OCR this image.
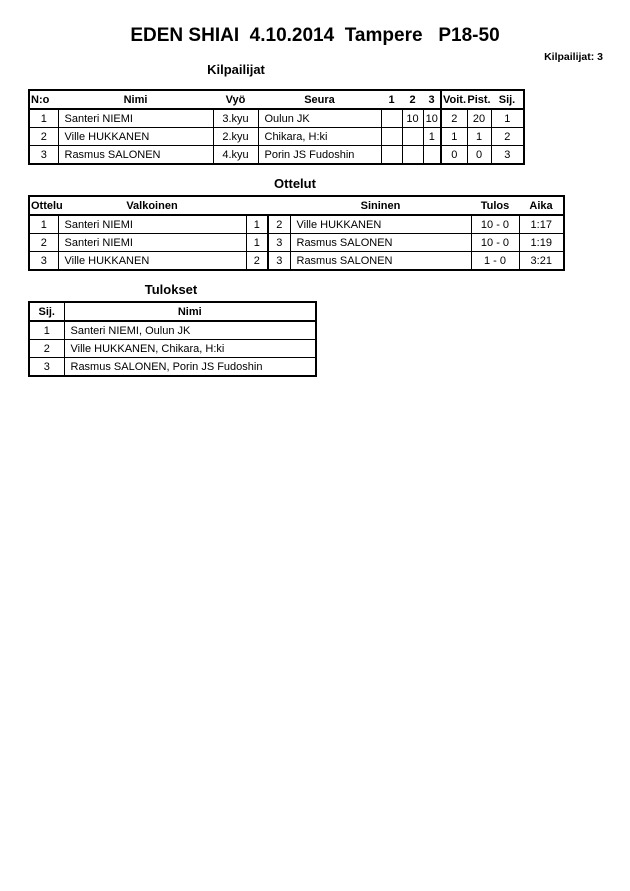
EDEN SHIAI  4.10.2014  Tampere   P18-50
Kilpailijat: 3
Kilpailijat
N:o	Nimi	Vyö	Seura	1	2	3	Voit.	Pist.	Sij.
1	Santeri NIEMI	3.kyu	Oulun JK		10	10	2	20	1
2	Ville HUKKANEN	2.kyu	Chikara, H:ki			1	1	1	2
3	Rasmus SALONEN	4.kyu	Porin JS Fudoshin				0	0	3
Ottelut
Ottelu	Valkoinen			Sininen	Tulos	Aika
1	Santeri NIEMI	1	2	Ville HUKKANEN	10 - 0	1:17
2	Santeri NIEMI	1	3	Rasmus SALONEN	10 - 0	1:19
3	Ville HUKKANEN	2	3	Rasmus SALONEN	1 - 0	3:21
Tulokset
Sij.	Nimi
1	Santeri NIEMI, Oulun JK
2	Ville HUKKANEN, Chikara, H:ki
3	Rasmus SALONEN, Porin JS Fudoshin
